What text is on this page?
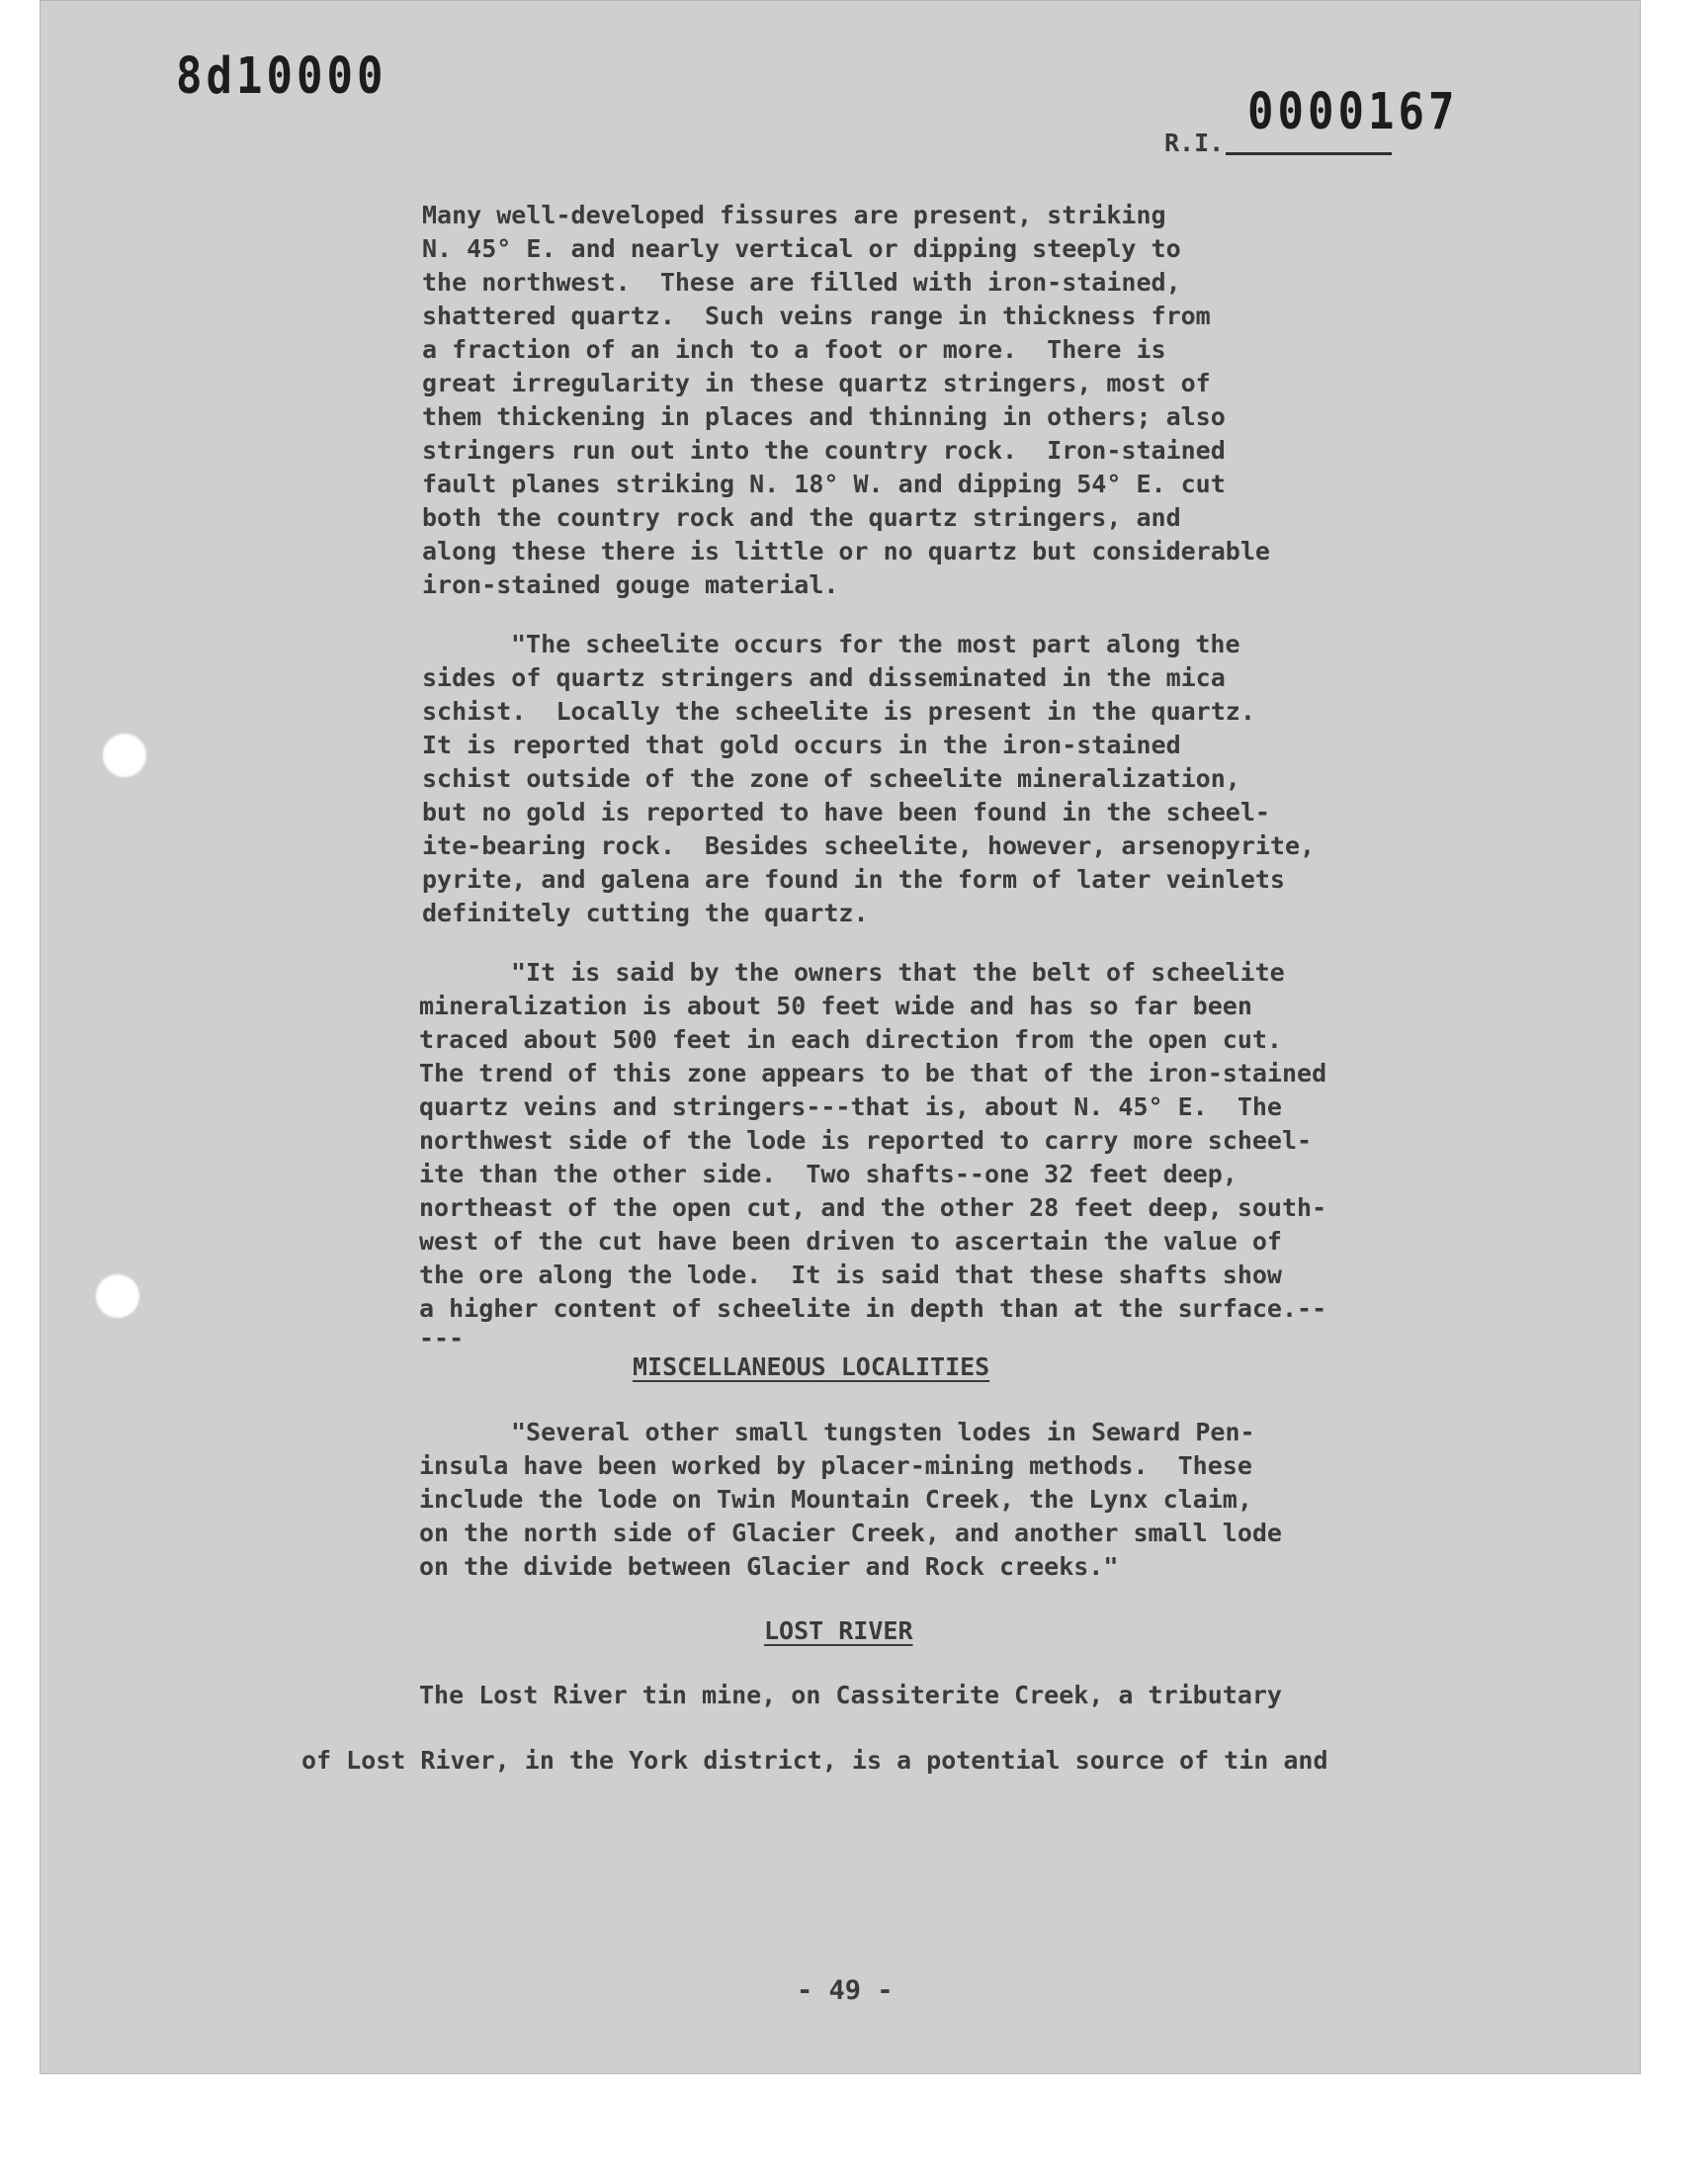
8d10000
0000167
R.I.
Many well-developed fissures are present, striking
N. 45° E. and nearly vertical or dipping steeply to
the northwest.  These are filled with iron-stained,
shattered quartz.  Such veins range in thickness from
a fraction of an inch to a foot or more.  There is
great irregularity in these quartz stringers, most of
them thickening in places and thinning in others; also
stringers run out into the country rock.  Iron-stained
fault planes striking N. 18° W. and dipping 54° E. cut
both the country rock and the quartz stringers, and
along these there is little or no quartz but considerable
iron-stained gouge material.
"The scheelite occurs for the most part along the
sides of quartz stringers and disseminated in the mica
schist.  Locally the scheelite is present in the quartz.
It is reported that gold occurs in the iron-stained
schist outside of the zone of scheelite mineralization,
but no gold is reported to have been found in the scheel-
ite-bearing rock.  Besides scheelite, however, arsenopyrite,
pyrite, and galena are found in the form of later veinlets
definitely cutting the quartz.
"It is said by the owners that the belt of scheelite
mineralization is about 50 feet wide and has so far been
traced about 500 feet in each direction from the open cut.
The trend of this zone appears to be that of the iron-stained
quartz veins and stringers---that is, about N. 45° E.  The
northwest side of the lode is reported to carry more scheel-
ite than the other side.  Two shafts--one 32 feet deep,
northeast of the open cut, and the other 28 feet deep, south-
west of the cut have been driven to ascertain the value of
the ore along the lode.  It is said that these shafts show
a higher content of scheelite in depth than at the surface.--
---
MISCELLANEOUS LOCALITIES
"Several other small tungsten lodes in Seward Pen-
insula have been worked by placer-mining methods.  These
include the lode on Twin Mountain Creek, the Lynx claim,
on the north side of Glacier Creek, and another small lode
on the divide between Glacier and Rock creeks."
LOST RIVER
The Lost River tin mine, on Cassiterite Creek, a tributary
of Lost River, in the York district, is a potential source of tin and
- 49 -
